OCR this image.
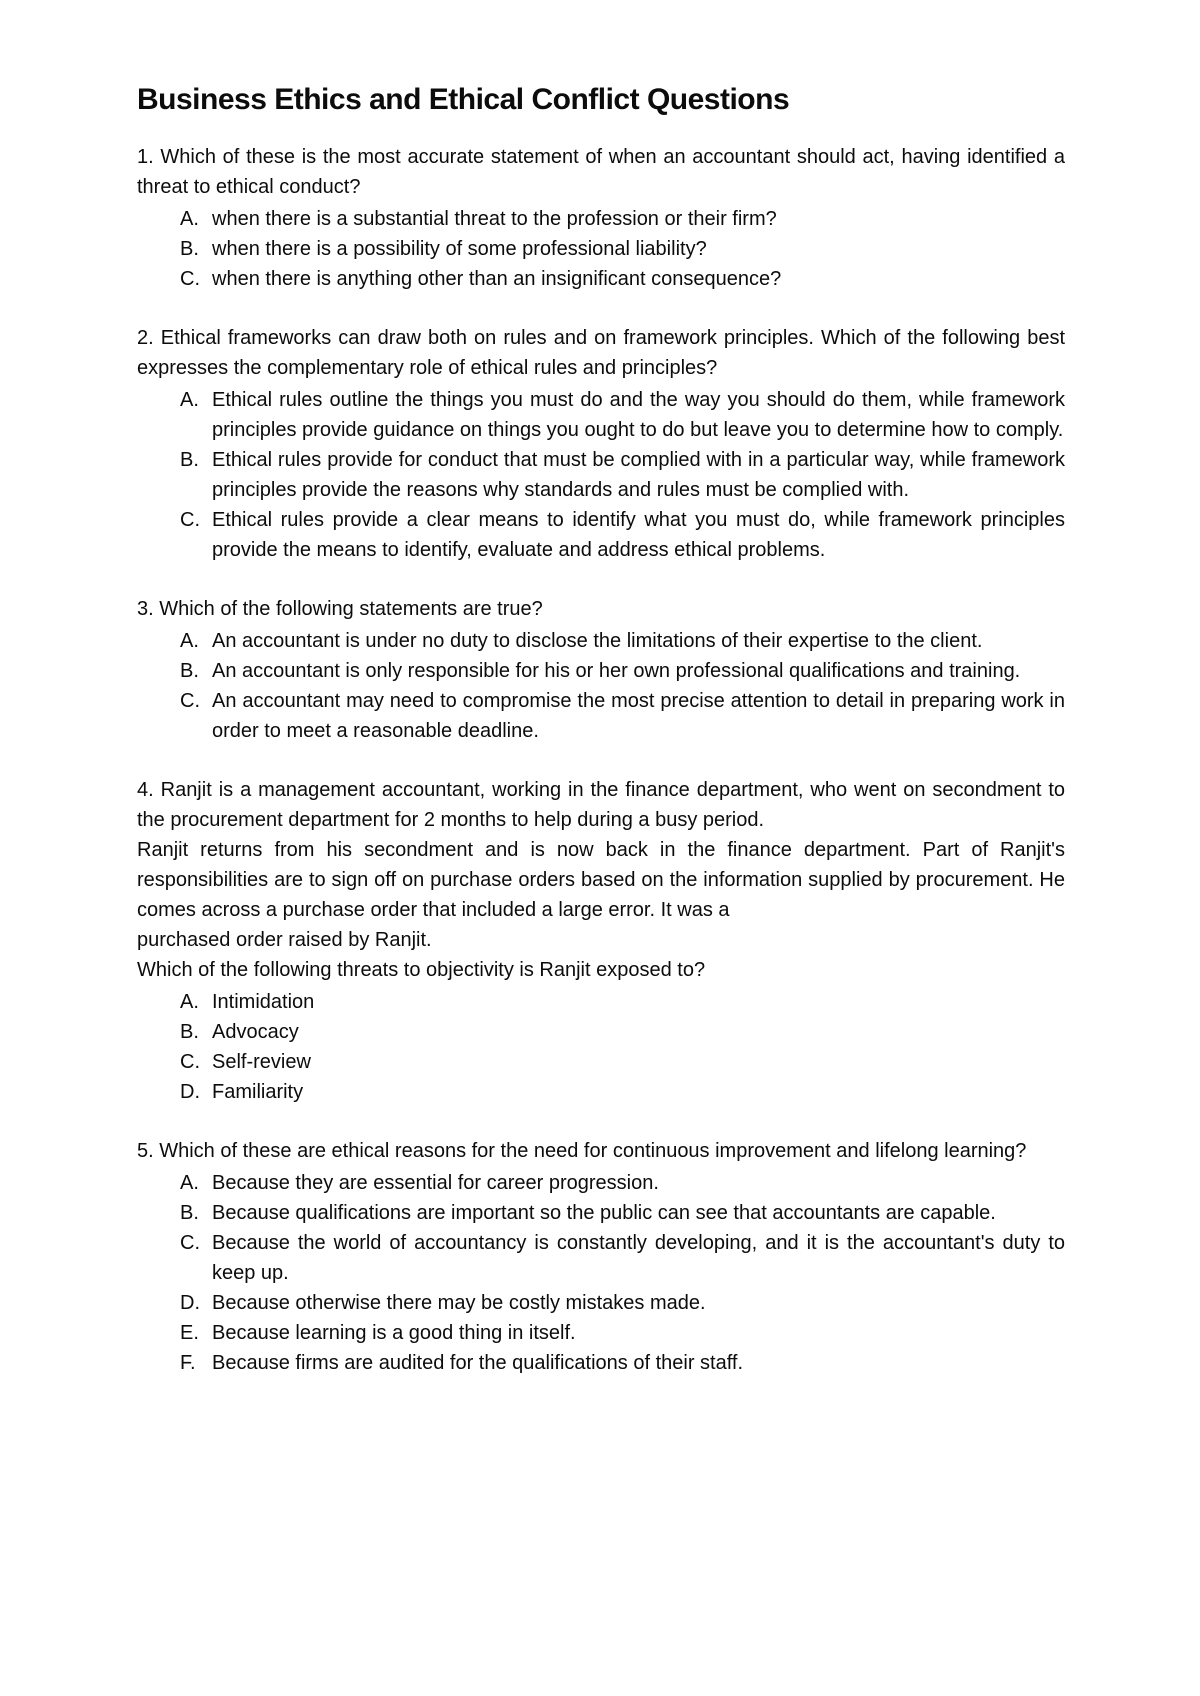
Business Ethics and Ethical Conflict Questions

1. Which of these is the most accurate statement of when an accountant should act, having identified a threat to ethical conduct?

A. when there is a substantial threat to the profession or their firm?
B. when there is a possibility of some professional liability?
C. when there is anything other than an insignificant consequence?

2. Ethical frameworks can draw both on rules and on framework principles. Which of the following best expresses the complementary role of ethical rules and principles?

A. Ethical rules outline the things you must do and the way you should do them, while framework principles provide guidance on things you ought to do but leave you to determine how to comply.
B. Ethical rules provide for conduct that must be complied with in a particular way, while framework principles provide the reasons why standards and rules must be complied with.
C. Ethical rules provide a clear means to identify what you must do, while framework principles provide the means to identify, evaluate and address ethical problems.

3. Which of the following statements are true?

A. An accountant is under no duty to disclose the limitations of their expertise to the client.
B. An accountant is only responsible for his or her own professional qualifications and training.
C. An accountant may need to compromise the most precise attention to detail in preparing work in order to meet a reasonable deadline.

4. Ranjit is a management accountant, working in the finance department, who went on secondment to the procurement department for 2 months to help during a busy period.

Ranjit returns from his secondment and is now back in the finance department. Part of Ranjit's responsibilities are to sign off on purchase orders based on the information supplied by procurement. He comes across a purchase order that included a large error. It was a

purchased order raised by Ranjit.

Which of the following threats to objectivity is Ranjit exposed to?

A. Intimidation
B. Advocacy
C. Self-review
D. Familiarity

5. Which of these are ethical reasons for the need for continuous improvement and lifelong learning?

A. Because they are essential for career progression.
B. Because qualifications are important so the public can see that accountants are capable.
C. Because the world of accountancy is constantly developing, and it is the accountant's duty to keep up.
D. Because otherwise there may be costly mistakes made.
E. Because learning is a good thing in itself.
F. Because firms are audited for the qualifications of their staff.
